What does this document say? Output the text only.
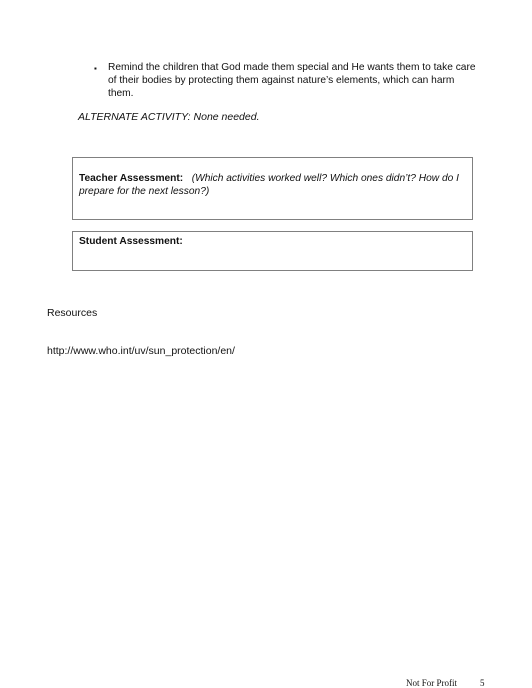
▪	Remind the children that God made them special and He wants them to take care of their bodies by protecting them against nature’s elements, which can harm them.
ALTERNATE ACTIVITY: None needed.
Teacher Assessment: (Which activities worked well? Which ones didn’t? How do I prepare for the next lesson?)
Student Assessment:
Resources
http://www.who.int/uv/sun_protection/en/
Not For Profit	5
